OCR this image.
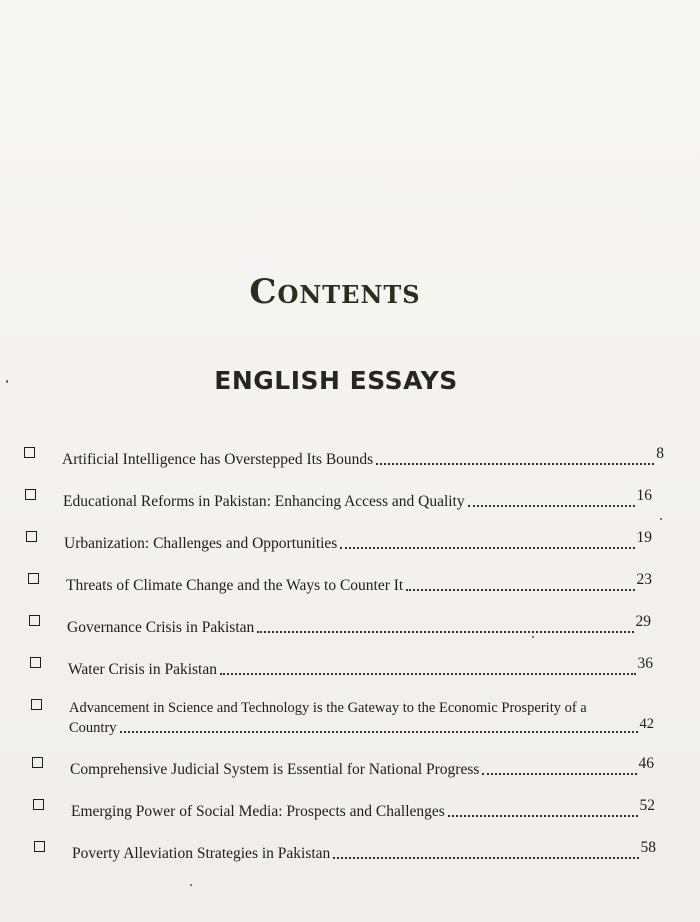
Contents
ENGLISH ESSAYS
Artificial Intelligence has Overstepped Its Bounds	8
Educational Reforms in Pakistan: Enhancing Access and Quality	16
Urbanization: Challenges and Opportunities	19
Threats of Climate Change and the Ways to Counter It	23
Governance Crisis in Pakistan	29
Water Crisis in Pakistan	36
Advancement in Science and Technology is the Gateway to the Economic Prosperity of a
Country	42
Comprehensive Judicial System is Essential for National Progress	46
Emerging Power of Social Media: Prospects and Challenges	52
Poverty Alleviation Strategies in Pakistan	58
